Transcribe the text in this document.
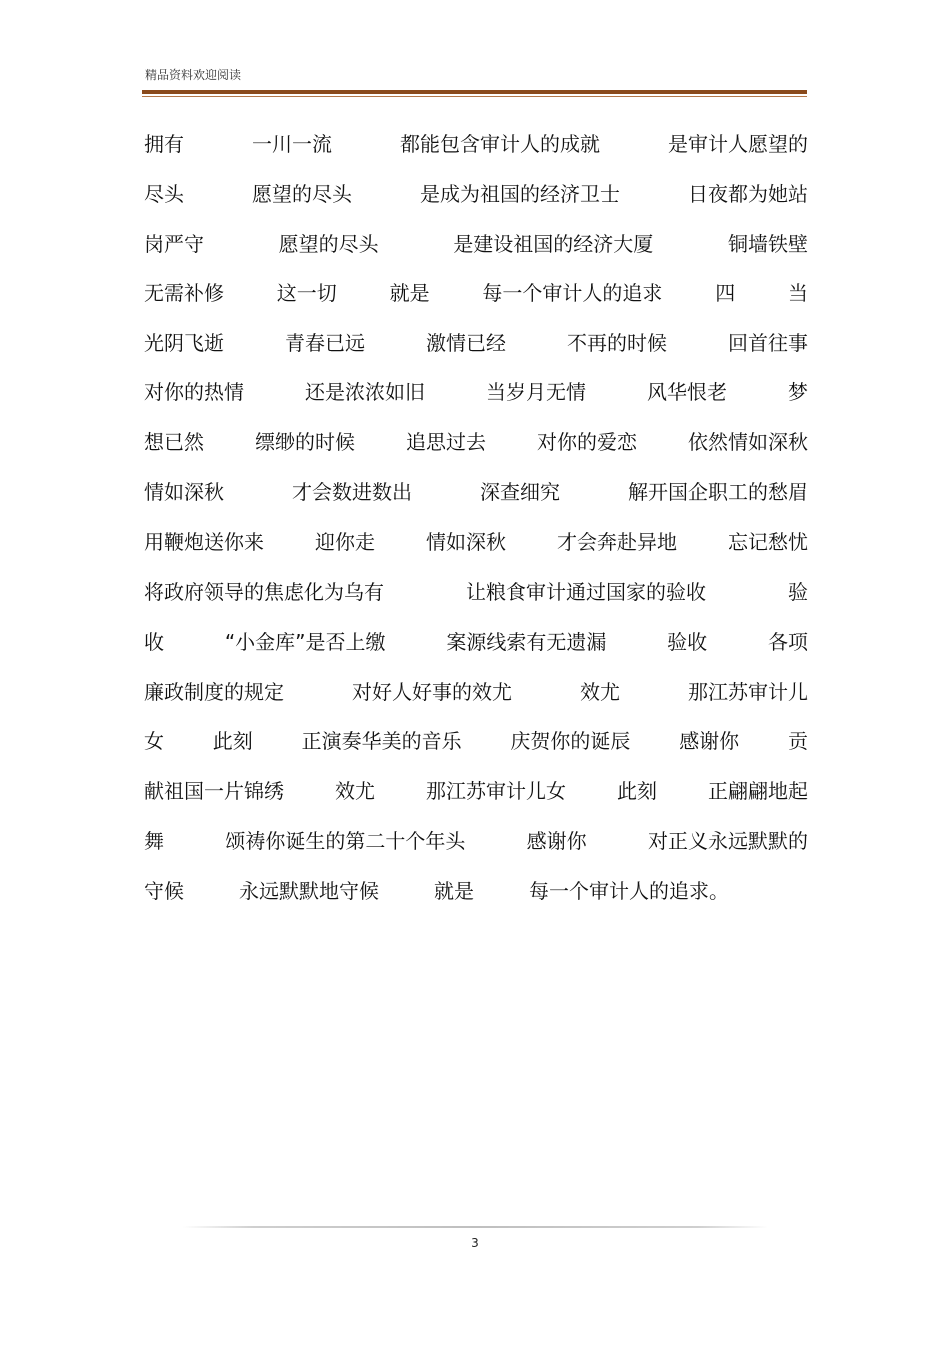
精品资料欢迎阅读
拥有	一川一流	都能包含审计人的成就	是审计人愿望的
尽头	愿望的尽头	是成为祖国的经济卫士	日夜都为她站
岗严守	愿望的尽头	是建设祖国的经济大厦	铜墙铁壁
无需补修	这一切	就是	每一个审计人的追求	四	当
光阴飞逝	青春已远	激情已经	不再的时候	回首往事
对你的热情	还是浓浓如旧	当岁月无情	风华恨老	梦
想已然	缥缈的时候	追思过去	对你的爱恋	依然情如深秋
情如深秋	才会数进数出	深查细究	解开国企职工的愁眉
用鞭炮送你来	迎你走	情如深秋	才会奔赴异地	忘记愁忧
将政府领导的焦虑化为乌有	让粮食审计通过国家的验收	验
收	“小金库”是否上缴	案源线索有无遗漏	验收	各项
廉政制度的规定	对好人好事的效尤	效尤	那江苏审计儿
女 此刻 正演奏华美的音乐 庆贺你的诞辰 感谢你 贡
献祖国一片锦绣	效尤	那江苏审计儿女	此刻	正翩翩地起
舞	颂祷你诞生的第二十个年头	感谢你	对正义永远默默的
守候	永远默默地守候	就是	每一个审计人的追求。
3
